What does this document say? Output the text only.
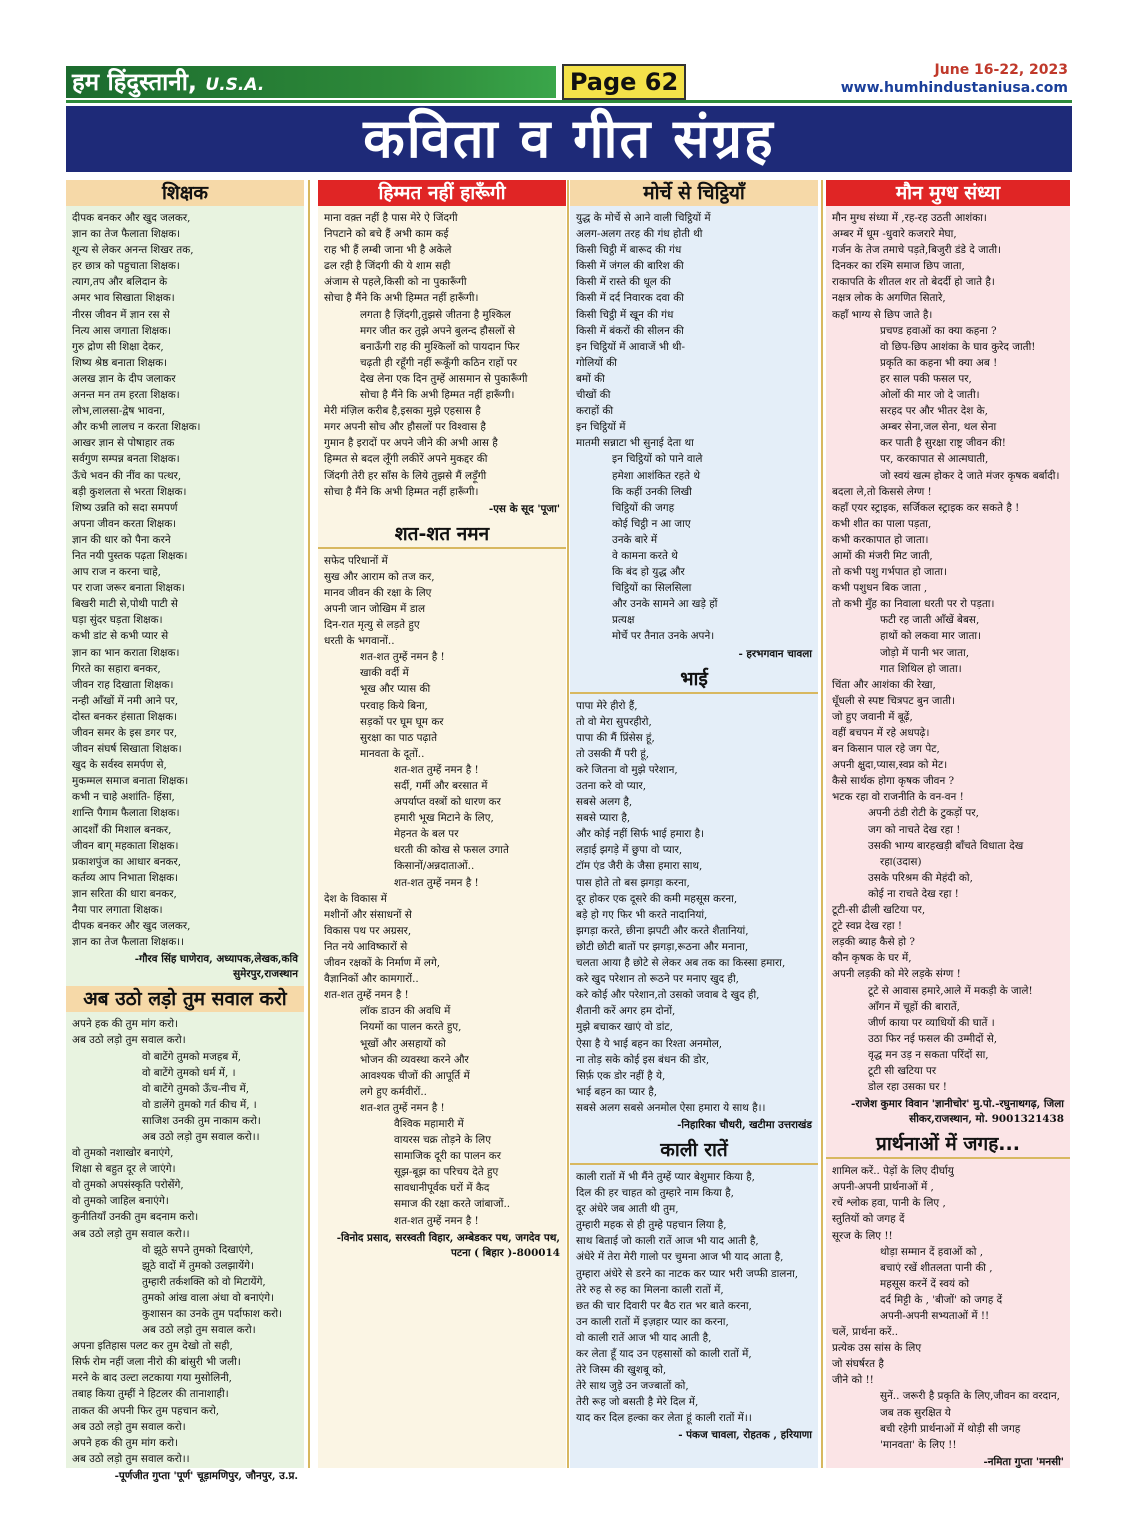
हम हिंदुस्तानी, U.S.A.	Page 62	June 16-22, 2023
www.humhindustaniusa.com
कविता व गीत संग्रह
शिक्षक
दीपक बनकर और खुद जलकर,
ज्ञान का तेज फैलाता शिक्षक।
शून्य से लेकर अनन्त शिखर तक,
हर छात्र को पहुचाता शिक्षक।
त्याग,तप और बलिदान के
अमर भाव सिखाता शिक्षक।
नीरस जीवन में ज्ञान रस से
नित्य आस जगाता शिक्षक।
गुरु द्रोण सी शिक्षा देकर,
शिष्य श्रेष्ठ बनाता शिक्षक।
अलख ज्ञान के दीप जलाकर
अनन्त मन तम हरता शिक्षक।
लोभ,लालसा-द्वेष भावना,
और कभी लालच न करता शिक्षक।
आखर ज्ञान से पोषाहार तक
सर्वगुण सम्पन्न बनता शिक्षक।
ऊँचे भवन की नींव का पत्थर,
बड़ी कुशलता से भरता शिक्षक।
शिष्य उन्नति को सदा समपर्ण
अपना जीवन करता शिक्षक।
ज्ञान की धार को पैना करने
नित नयी पुस्तक पढ़ता शिक्षक।
आप राज न करना चाहे,
पर राजा जरूर बनाता शिक्षक।
बिखरी माटी से,पोथी पाटी से
घड़ा सुंदर घड़ता शिक्षक।
कभी डांट से कभी प्यार से
ज्ञान का भान कराता शिक्षक।
गिरते का सहारा बनकर,
जीवन राह दिखाता शिक्षक।
नन्ही आँखों में नमी आने पर,
दोस्त बनकर हंसाता शिक्षक।
जीवन समर के इस डगर पर,
जीवन संघर्ष सिखाता शिक्षक।
खुद के सर्वस्व समर्पण से,
मुकम्मल समाज बनाता शिक्षक।
कभी न चाहे अशांति- हिंसा,
शान्ति पैगाम फैलाता शिक्षक।
आदर्शों की मिशाल बनकर,
जीवन बाग् महकाता शिक्षक।
प्रकाशपुंज का आधार बनकर,
कर्तव्य आप निभाता शिक्षक।
ज्ञान सरिता की धारा बनकर,
नैया पार लगाता शिक्षक।
दीपक बनकर और खुद जलकर,
ज्ञान का तेज फैलाता शिक्षक।।
-गौरव सिंह घाणेराव, अध्यापक,लेखक,कवि सुमेरपुर,राजस्थान
अब उठो लड़ो तुम सवाल करो
अपने हक की तुम मांग करो।
अब उठो लड़ो तुम सवाल करो।
वो बाटेंगे तुमको मजहब में,
वो बाटेंगे तुमको धर्म में, ।
वो बाटेंगे तुमको ऊँच-नीच में,
वो डालेंगे तुमको गर्त कीच में, ।
साजिश उनकी तुम नाकाम करो।
अब उठो लड़ो तुम सवाल करो।।
वो तुमको नशाखोर बनाएंगे,
शिक्षा से बहुत दूर ले जाएंगे।
वो तुमको अपसंस्कृति परोसेंगे,
वो तुमको जाहिल बनाएंगे।
कुनीतियाँ उनकी तुम बदनाम करो।
अब उठो लड़ो तुम सवाल करो।।
वो झूठे सपने तुमको दिखाएंगे,
झूठे वादों में तुमको उलझायेंगे।
तुम्हारी तर्कशक्ति को वो मिटायेंगे,
तुमको आंख वाला अंधा वो बनाएंगे।
कुशासन का उनके तुम पर्दाफाश करो।
अब उठो लड़ो तुम सवाल करो।
अपना इतिहास पलट कर तुम देखो तो सही,
सिर्फ रोम नहीं जला नीरो की बांसुरी भी जली।
मरने के बाद उल्टा लटकाया गया मुसोलिनी,
तबाह किया तुम्हीं ने हिटलर की तानाशाही।
ताकत की अपनी फिर तुम पहचान करो,
अब उठो लड़ो तुम सवाल करो।
अपने हक की तुम मांग करो।
अब उठो लड़ो तुम सवाल करो।।
-पूर्णजीत गुप्ता 'पूर्ण' चूड़ामणिपुर, जौनपुर, उ.प्र.
हिम्मत नहीं हारूँगी
माना वक़्त नहीं है पास मेरे ऐ जिंदगी
निपटाने को बचे हैं अभी काम कई
राह भी हैं लम्बी जाना भी है अकेले
ढल रही है जिंदगी की ये शाम सही
अंजाम से पहले,किसी को ना पुकारूँगी
सोचा है मैंने कि अभी हिम्मत नहीं हारूँगी।
लगता है ज़िंदगी,तुझसे जीतना है मुश्किल
मगर जीत कर तुझे अपने बुलन्द हौसलों से
बनाऊँगी राह की मुश्किलों को पायदान फिर
चढ़ती ही रहूँगी नहीं रूकूँगी कठिन राहों पर
देख लेना एक दिन तुम्हें आसमान से पुकारूँगी
सोचा है मैंने कि अभी हिम्मत नहीं हारूँगी।
मेरी मंज़िल करीब है,इसका मुझे एहसास है
मगर अपनी सोच और हौसलों पर विश्वास है
गुमान है इरादों पर अपने जीने की अभी आस है
हिम्मत से बदल लूँगी लकीरें अपने मुकद्दर की
जिंदगी तेरी हर साँस के लिये तुझसे मैं लड़ूँगी
सोचा है मैंने कि अभी हिम्मत नहीं हारूँगी।
-एस के सूद 'पूजा'
शत-शत नमन
सफेद परिधानों में
सुख और आराम को तज कर,
मानव जीवन की रक्षा के लिए
अपनी जान जोखिम में डाल
दिन-रात मृत्यु से लड़ते हुए
धरती के भगवानों..
शत-शत तुम्हें नमन है !
खाकी वर्दी में
भूख और प्यास की
परवाह किये बिना,
सड़कों पर घूम घूम कर
सुरक्षा का पाठ पढ़ाते
मानवता के दूतों..
शत-शत तुम्हें नमन है !
सर्दी, गर्मी और बरसात में
अपर्याप्त वस्त्रों को धारण कर
हमारी भूख मिटाने के लिए,
मेहनत के बल पर
धरती की कोख से फसल उगाते
किसानों/अन्नदाताओं..
शत-शत तुम्हें नमन है !
देश के विकास में
मशीनों और संसाधनों से
विकास पथ पर अग्रसर,
नित नये आविष्कारों से
जीवन रक्षकों के निर्माण में लगे,
वैज्ञानिकों और कामगारों..
शत-शत तुम्हें नमन है !
लॉक डाउन की अवधि में
नियमों का पालन करते हुए,
भूखों और असहायों को
भोजन की व्यवस्था करने और
आवश्यक चीजों की आपूर्ति में
लगे हुए कर्मवीरों..
शत-शत तुम्हें नमन है !
वैश्विक महामारी में
वायरस चक्र तोड़ने के लिए
सामाजिक दूरी का पालन कर
सूझ-बूझ का परिचय देते हुए
सावधानीपूर्वक घरों में कैद
समाज की रक्षा करते जांबाजों..
शत-शत तुम्हें नमन है !
-विनोद प्रसाद, सरस्वती विहार, अम्बेडकर पथ, जगदेव पथ, पटना ( बिहार )-800014
मोर्चे से चिट्ठियाँ
युद्ध के मोर्चे से आने वाली चिट्ठियों में
अलग-अलग तरह की गंध होती थी
किसी चिट्ठी में बारूद की गंध
किसी में जंगल की बारिश की
किसी में रास्ते की धूल की
किसी में दर्द निवारक दवा की
किसी चिट्ठी में खून की गंध
किसी में बंकरों की सीलन की
इन चिट्ठियों में आवाजें भी थी-
गोलियों की
बमों की
चीखों की
कराहों की
इन चिट्ठियों में
मातमी सन्नाटा भी सुनाई देता था
इन चिट्ठियों को पाने वाले
हमेशा आशंकित रहते थे
कि कहीं उनकी लिखी
चिट्ठियों की जगह
कोई चिट्ठी न आ जाए
उनके बारे में
वे कामना करते थे
कि बंद हो युद्ध और
चिट्ठियों का सिलसिला
और उनके सामने आ खड़े हों
प्रत्यक्ष
मोर्चे पर तैनात उनके अपने।
- हरभगवान चावला
भाई
पापा मेरे हीरो हैं,
तो वो मेरा सुपरहीरो,
पापा की मैं प्रिंसेस हूं,
तो उसकी मैं परी हूं,
करे जितना वो मुझे परेशान,
उतना करे वो प्यार,
सबसे अलग है,
सबसे प्यारा है,
और कोई नहीं सिर्फ भाई हमारा है।
लड़ाई झगड़े में छुपा वो प्यार,
टॉम एंड जैरी के जैसा हमारा साथ,
पास होते तो बस झगड़ा करना,
दूर होकर एक दूसरे की कमी महसूस करना,
बड़े हो गए फिर भी करते नादानियां,
झगड़ा करते, छीना झपटी और करते शैतानियां,
छोटी छोटी बातों पर झगड़ा,रूठना और मनाना,
चलता आया है छोटे से लेकर अब तक का किस्सा हमारा,
करे खुद परेशान तो रूठने पर मनाए खुद ही,
करे कोई और परेशान,तो उसको जवाब दे खुद ही,
शैतानी करें अगर हम दोनों,
मुझे बचाकर खाएं वो डांट,
ऐसा है ये भाई बहन का रिश्ता अनमोल,
ना तोड़ सके कोई इस बंधन की डोर,
सिर्फ़ एक डोर नहीं है ये,
भाई बहन का प्यार है,
सबसे अलग सबसे अनमोल ऐसा हमारा ये साथ है।।
-निहारिका चौधरी, खटीमा उत्तराखंड
काली रातें
काली रातों में भी मैंने तुम्हें प्यार बेशुमार किया है,
दिल की हर चाहत को तुम्हारे नाम किया है,
दूर अंधेरे जब आती थी तुम,
तुम्हारी महक से ही तुम्हे पहचान लिया है,
साथ बिताई जो काली रातें आज भी याद आती है,
अंधेरे में तेरा मेरी गालो पर चुमना आज भी याद आता है,
तुम्हारा अंधेरे से डरने का नाटक कर प्यार भरी जप्फी डालना,
तेरे रुह से रुह का मिलना काली रातों में,
छत की चार दिवारी पर बैठ रात भर बाते करना,
उन काली रातों में इज़हार प्यार का करना,
वो काली रातें आज भी याद आती है,
कर लेता हूँ याद उन एहसासों को काली रातों में,
तेरे जिस्म की खुशबू को,
तेरे साथ जुड़े उन जज्बातों को,
तेरी रूह जो बसती है मेरे दिल में,
याद कर दिल हल्का कर लेता हूं काली रातों में।।
- पंकज चावला, रोहतक , हरियाणा
मौन मुग्ध संध्या
मौन मुग्ध संध्या में ,रह-रह उठती आशंका।
अम्बर में धूम -धुवारे कजरारे मेघा,
गर्जन के तेज तमाचे पड़ते,बिजुरी डंडे दे जाती।
दिनकर का रश्मि समाज छिप जाता,
राकापति के शीतल शर तो बेदर्दी हो जाते है।
नक्षत्र लोक के अगणित सितारे,
कहाँ भाग्य से छिप जाते है।
प्रचण्ड हवाओं का क्या कहना ?
वो छिप-छिप आशंका के घाव कुरेद जाती!
प्रकृति का कहना भी क्या अब !
हर साल पकी फसल पर,
ओलों की मार जो दे जाती।
सरहद पर और भीतर देश के,
अम्बर सेना,जल सेना, थल सेना
कर पाती है सुरक्षा राष्ट्र जीवन की!
पर, करकापात से आत्मघाती,
जो स्वयं खत्म होकर दे जाते मंजर कृषक बर्बादी।
बदला ले,तो किससे लेग्ण !
कहाँ एयर स्ट्राइक, सर्जिकल स्ट्राइक कर सकते है !
कभी शीत का पाला पड़ता,
कभी करकापात हो जाता।
आमों की मंजरी मिट जाती,
तो कभी पशु गर्भपात हो जाता।
कभी पशुधन बिक जाता ,
तो कभी मुँह का निवाला धरती पर रो पड़ता।
फटी रह जाती आँखें बेबस,
हाथों को लकवा मार जाता।
जोड़ो में पानी भर जाता,
गात शिथिल हो जाता।
चिंता और आशंका की रेखा,
धूँधली से स्पष्ट चित्रपट बुन जाती।
जो हुए जवानी में बूढ़ें,
वहीं बचपन में रहे अधपढ़े।
बन किसान पाल रहे जग पेट,
अपनी क्षुदा,प्यास,स्वप्न को मेट।
कैसे सार्थक होगा कृषक जीवन ?
भटक रहा वो राजनीति के वन-वन !
अपनी ठंडी रोटी के टुकड़ों पर,
जग को नाचते देख रहा !
उसकी भाग्य बारहखड़ी बाँचते विधाता देख
रहा(उदास)
उसके परिश्रम की मेहंदी को,
कोई ना राचते देख रहा !
टूटी-सी ढीली खटिया पर,
टूटे स्वप्न देख रहा !
लड़की ब्याह कैसे हो ?
कौन कृषक के घर में,
अपनी लड़की को मेरे लड़के संग्ण !
टूटे से आवास हमारे,आले में मकड़ी के जाले!
आँगन में चूहों की बारातें,
जीर्ण काया पर व्याधियों की घातें ।
उठा फिर नई फसल की उम्मीदों से,
वृद्ध मन उड़ न सकता परिंदों सा,
टूटी सी खटिया पर
डोल रहा उसका घर !
-राजेश कुमार विवान 'ज्ञानीचोर' मु.पो.-रघुनाथगढ़, जिला सीकर,राजस्थान, मो. 9001321438
प्रार्थनाओं में जगह...
शामिल करें.. पेड़ों के लिए दीर्घायु
अपनी-अपनी प्रार्थनाओं में ,
रचें श्लोक हवा, पानी के लिए ,
स्तुतियों को जगह दें
सूरज के लिए !!
थोड़ा सम्मान दें हवाओं को ,
बचाएं रखें शीतलता पानी की ,
महसूस करनें दें स्वयं को
दर्द मिट्टी के , 'बीजों' को जगह दें
अपनी-अपनी सभ्यताओं में !!
चलें, प्रार्थना करें..
प्रत्येक उस सांस के लिए
जो संघर्षरत है
जीने को !!
सुनें.. जरूरी है प्रकृति के लिए,जीवन का वरदान,
जब तक सुरक्षित ये
बची रहेगी प्रार्थनाओं में थोड़ी सी जगह
'मानवता' के लिए !!
-नमिता गुप्ता 'मनसी'
